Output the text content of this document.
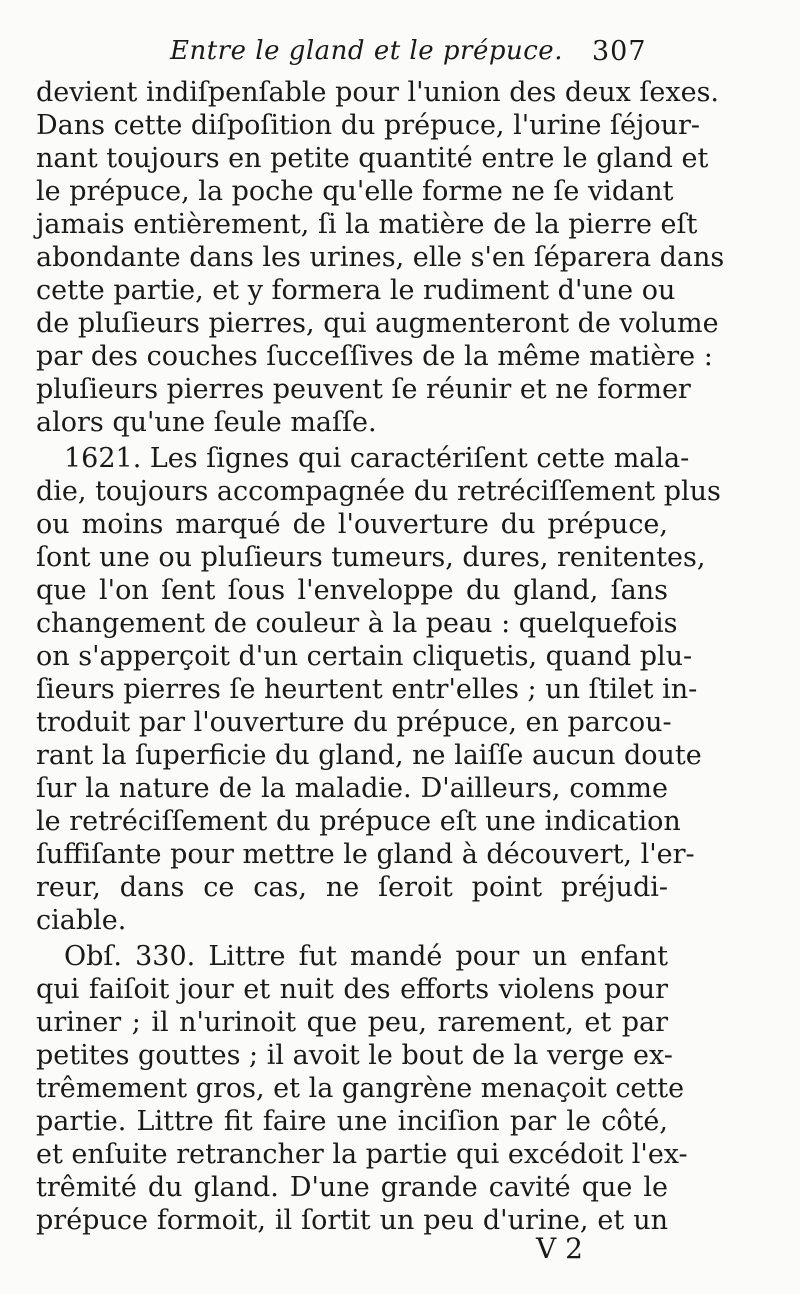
Entre le gland et le prépuce. 307
devient indiſpenſable pour l'union des deux ſexes.
Dans cette diſpoſition du prépuce, l'urine ſéjour-
nant toujours en petite quantité entre le gland et
le prépuce, la poche qu'elle forme ne ſe vidant
jamais entièrement, ſi la matière de la pierre eſt
abondante dans les urines, elle s'en ſéparera dans
cette partie, et y formera le rudiment d'une ou
de pluſieurs pierres, qui augmenteront de volume
par des couches ſucceſſives de la même matière :
pluſieurs pierres peuvent ſe réunir et ne former
alors qu'une ſeule maſſe.
1621. Les ſignes qui caractériſent cette mala-
die, toujours accompagnée du retréciſſement plus
ou moins marqué de l'ouverture du prépuce,
ſont une ou pluſieurs tumeurs, dures, renitentes,
que l'on ſent ſous l'enveloppe du gland, ſans
changement de couleur à la peau : quelquefois
on s'apperçoit d'un certain cliquetis, quand plu-
ſieurs pierres ſe heurtent entr'elles ; un ſtilet in-
troduit par l'ouverture du prépuce, en parcou-
rant la ſuperficie du gland, ne laiſſe aucun doute
ſur la nature de la maladie. D'ailleurs, comme
le retréciſſement du prépuce eſt une indication
ſuffiſante pour mettre le gland à découvert, l'er-
reur, dans ce cas, ne ſeroit point préjudi-
ciable.
Obſ. 330. Littre fut mandé pour un enfant
qui faiſoit jour et nuit des efforts violens pour
uriner ; il n'urinoit que peu, rarement, et par
petites gouttes ; il avoit le bout de la verge ex-
trêmement gros, et la gangrène menaçoit cette
partie. Littre fit faire une inciſion par le côté,
et enſuite retrancher la partie qui excédoit l'ex-
trêmité du gland. D'une grande cavité que le
prépuce formoit, il ſortit un peu d'urine, et un
V 2
